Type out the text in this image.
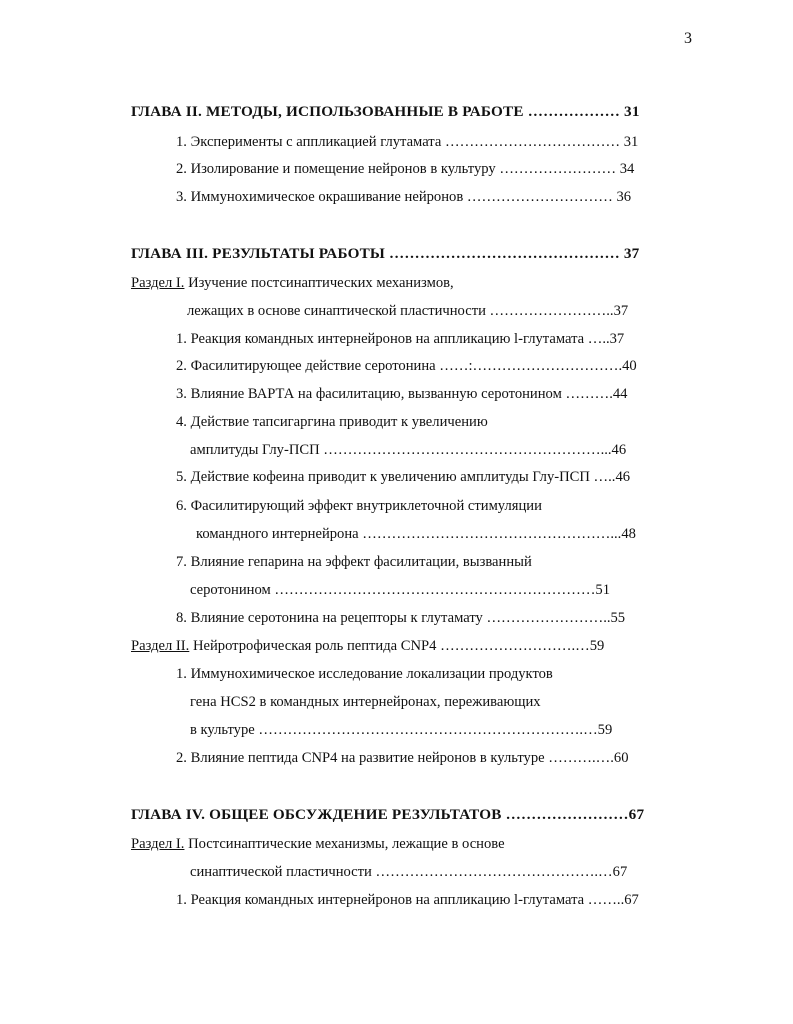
3
ГЛАВА II. МЕТОДЫ, ИСПОЛЬЗОВАННЫЕ В РАБОТЕ ……………… 31
1. Эксперименты с аппликацией глутамата ……………………………… 31
2. Изолирование и помещение нейронов в культуру …………………… 34
3. Иммунохимическое окрашивание нейронов ………………………… 36
ГЛАВА III. РЕЗУЛЬТАТЫ РАБОТЫ ……………………………………… 37
Раздел I. Изучение постсинаптических механизмов,
лежащих в основе синаптической пластичности ……………………..37
1. Реакция командных интернейронов на аппликацию l-глутамата …..37
2. Фасилитирующее действие серотонина ……:………………………….40
3. Влияние ВАРТА на фасилитацию, вызванную серотонином ……….44
4. Действие тапсигаргина приводит к увеличению
амплитуды Глу-ПСП …………………………………………………...46
5. Действие кофеина приводит к увеличению амплитуды Глу-ПСП …..46
6. Фасилитирующий эффект внутриклеточной стимуляции
командного интернейрона ……………………………………………...48
7. Влияние гепарина на эффект фасилитации, вызванный
серотонином …………………………………………………………51
8. Влияние серотонина на рецепторы к глутамату ……………………..55
Раздел II. Нейротрофическая роль пептида CNP4 ……………………….…59
1. Иммунохимическое исследование локализации продуктов
гена HCS2 в командных интернейронах, переживающих
в культуре ………………………………………………………….…59
2. Влияние пептида CNP4 на развитие нейронов в культуре ……….….60
ГЛАВА IV. ОБЩЕЕ ОБСУЖДЕНИЕ РЕЗУЛЬТАТОВ ……………………67
Раздел I. Постсинаптические механизмы, лежащие в основе
синаптической пластичности ……………………………………….…67
1. Реакция командных интернейронов на аппликацию l-глутамата ……..67
